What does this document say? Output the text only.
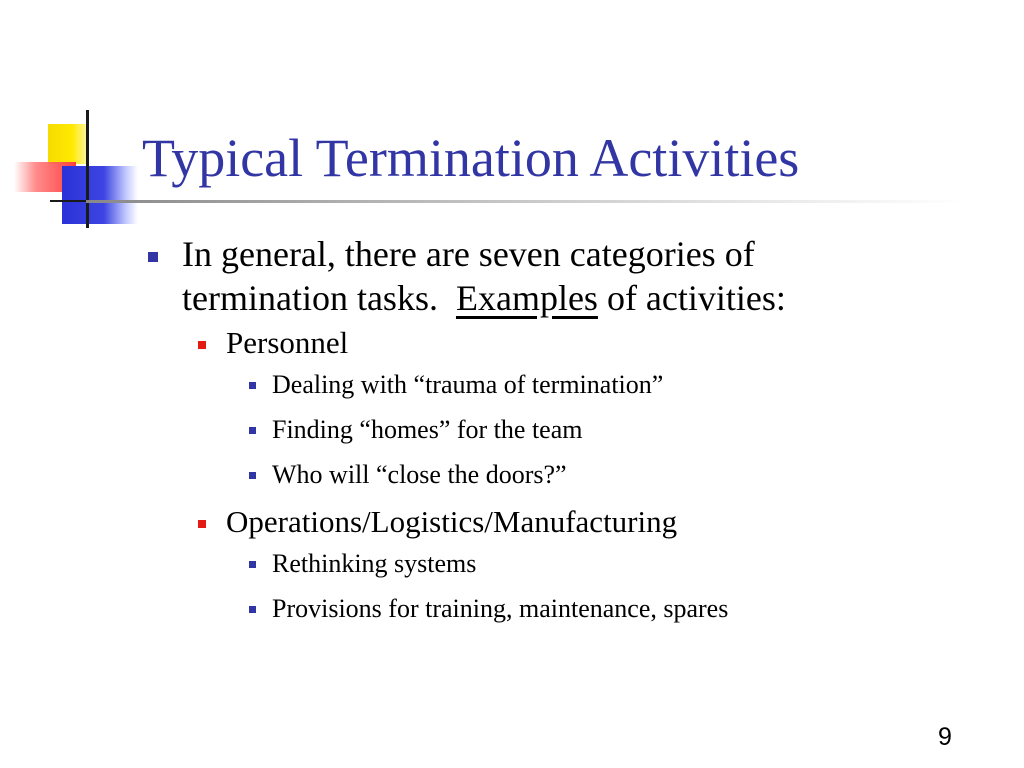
Typical Termination Activities
In general, there are seven categories of
termination tasks.  Examples of activities:
Personnel
Dealing with “trauma of termination”
Finding “homes” for the team
Who will “close the doors?”
Operations/Logistics/Manufacturing
Rethinking systems
Provisions for training, maintenance, spares
9
